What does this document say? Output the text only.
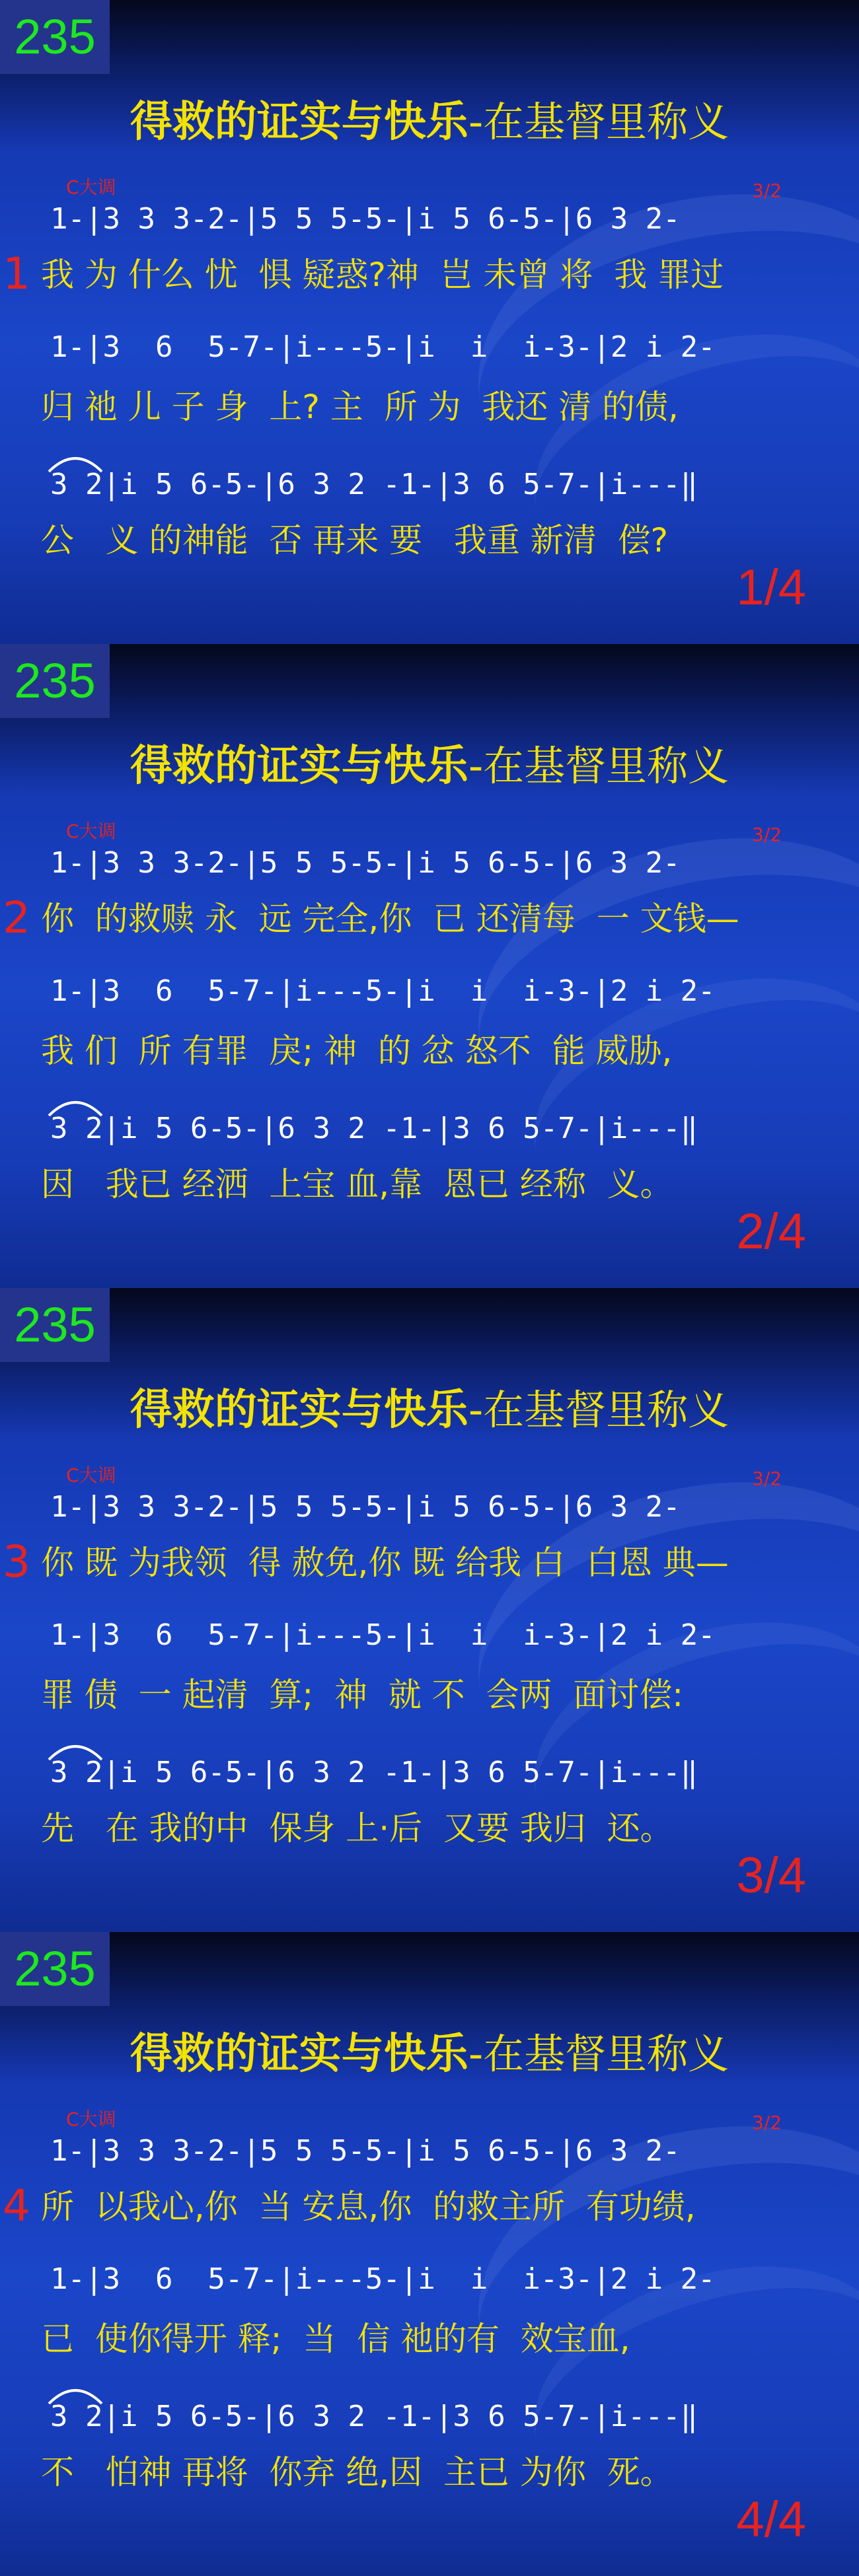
235
得救的证实与快乐-在基督里称义
C大调	3/2
1-|3 3 3-2-|5 5 5-5-|i 5 6-5-|6 3 2-
1 我 为 什么 忧  惧 疑惑?神  岂 未曾 将  我 罪过
1-|3  6  5-7-|i---5-|i  i  i-3-|2 i 2-
归 祂 儿 子 身  上? 主  所 为  我还 清 的债,
3 2|i 5 6-5-|6 3 2 -1-|3 6 5-7-|i---‖
公   义 的神能  否 再来 要   我重 新清  偿?
1/4
235
得救的证实与快乐-在基督里称义
C大调	3/2
1-|3 3 3-2-|5 5 5-5-|i 5 6-5-|6 3 2-
2 你  的救赎 永  远 完全,你  已 还清每  一 文钱—
1-|3  6  5-7-|i---5-|i  i  i-3-|2 i 2-
我 们  所 有罪  戾; 神  的 忿 怒不  能 威胁,
3 2|i 5 6-5-|6 3 2 -1-|3 6 5-7-|i---‖
因   我已 经洒  上宝 血,靠  恩已 经称  义。
2/4
235
得救的证实与快乐-在基督里称义
C大调	3/2
1-|3 3 3-2-|5 5 5-5-|i 5 6-5-|6 3 2-
3 你 既 为我领  得 赦免,你 既 给我 白  白恩 典—
1-|3  6  5-7-|i---5-|i  i  i-3-|2 i 2-
罪 债  一 起清  算;  神  就 不  会两  面讨偿:
3 2|i 5 6-5-|6 3 2 -1-|3 6 5-7-|i---‖
先   在 我的中  保身 上·后  又要 我归  还。
3/4
235
得救的证实与快乐-在基督里称义
C大调	3/2
1-|3 3 3-2-|5 5 5-5-|i 5 6-5-|6 3 2-
4 所  以我心,你  当 安息,你  的救主所  有功绩,
1-|3  6  5-7-|i---5-|i  i  i-3-|2 i 2-
已  使你得开 释;  当  信 祂的有  效宝血,
3 2|i 5 6-5-|6 3 2 -1-|3 6 5-7-|i---‖
不   怕神 再将  你弃 绝,因  主已 为你  死。
4/4
